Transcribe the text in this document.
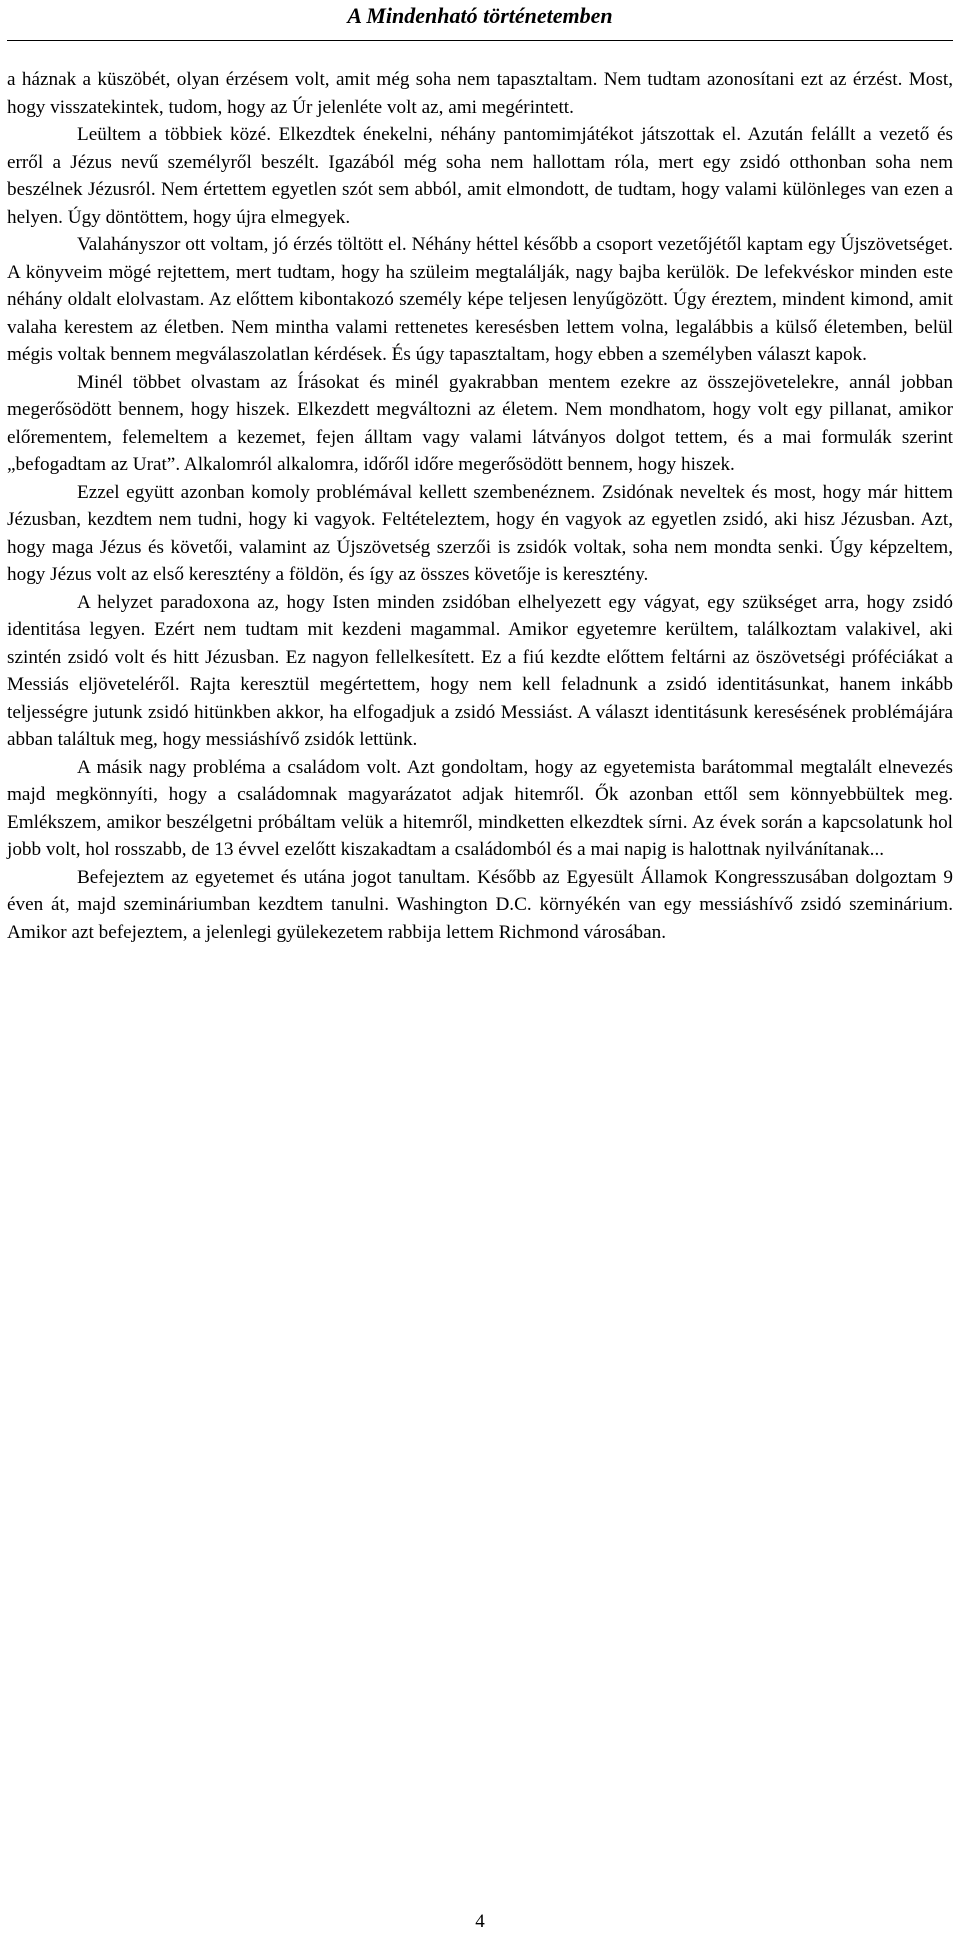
A Mindenható történetemben

a háznak a küszöbét, olyan érzésem volt, amit még soha nem tapasztaltam. Nem tudtam azonosítani ezt az érzést. Most, hogy visszatekintek, tudom, hogy az Úr jelenléte volt az, ami megérintett.

Leültem a többiek közé. Elkezdtek énekelni, néhány pantomimjátékot játszottak el. Azután felállt a vezető és erről a Jézus nevű személyről beszélt. Igazából még soha nem hallottam róla, mert egy zsidó otthonban soha nem beszélnek Jézusról. Nem értettem egyetlen szót sem abból, amit elmondott, de tudtam, hogy valami különleges van ezen a helyen. Úgy döntöttem, hogy újra elmegyek.

Valahányszor ott voltam, jó érzés töltött el. Néhány héttel később a csoport vezetőjétől kaptam egy Újszövetséget. A könyveim mögé rejtettem, mert tudtam, hogy ha szüleim megtalálják, nagy bajba kerülök. De lefekvéskor minden este néhány oldalt elolvastam. Az előttem kibontakozó személy képe teljesen lenyűgözött. Úgy éreztem, mindent kimond, amit valaha kerestem az életben. Nem mintha valami rettenetes keresésben lettem volna, legalábbis a külső életemben, belül mégis voltak bennem megválaszolatlan kérdések. És úgy tapasztaltam, hogy ebben a személyben választ kapok.

Minél többet olvastam az Írásokat és minél gyakrabban mentem ezekre az összejövetelekre, annál jobban megerősödött bennem, hogy hiszek. Elkezdett megváltozni az életem. Nem mondhatom, hogy volt egy pillanat, amikor előrementem, felemeltem a kezemet, fejen álltam vagy valami látványos dolgot tettem, és a mai formulák szerint „befogadtam az Urat”. Alkalomról alkalomra, időről időre megerősödött bennem, hogy hiszek.

Ezzel együtt azonban komoly problémával kellett szembenéznem. Zsidónak neveltek és most, hogy már hittem Jézusban, kezdtem nem tudni, hogy ki vagyok. Feltételeztem, hogy én vagyok az egyetlen zsidó, aki hisz Jézusban. Azt, hogy maga Jézus és követői, valamint az Újszövetség szerzői is zsidók voltak, soha nem mondta senki. Úgy képzeltem, hogy Jézus volt az első keresztény a földön, és így az összes követője is keresztény.

A helyzet paradoxona az, hogy Isten minden zsidóban elhelyezett egy vágyat, egy szükséget arra, hogy zsidó identitása legyen. Ezért nem tudtam mit kezdeni magammal. Amikor egyetemre kerültem, találkoztam valakivel, aki szintén zsidó volt és hitt Jézusban. Ez nagyon fellelkesített. Ez a fiú kezdte előttem feltárni az öszövetségi próféciákat a Messiás eljöveteléről. Rajta keresztül megértettem, hogy nem kell feladnunk a zsidó identitásunkat, hanem inkább teljességre jutunk zsidó hitünkben akkor, ha elfogadjuk a zsidó Messiást. A választ identitásunk keresésének problémájára abban találtuk meg, hogy messiáshívő zsidók lettünk.

A másik nagy probléma a családom volt. Azt gondoltam, hogy az egyetemista barátommal megtalált elnevezés majd megkönnyíti, hogy a családomnak magyarázatot adjak hitemről. Ők azonban ettől sem könnyebbültek meg. Emlékszem, amikor beszélgetni próbáltam velük a hitemről, mindketten elkezdtek sírni. Az évek során a kapcsolatunk hol jobb volt, hol rosszabb, de 13 évvel ezelőtt kiszakadtam a családomból és a mai napig is halottnak nyilvánítanak...

Befejeztem az egyetemet és utána jogot tanultam. Később az Egyesült Államok Kongresszusában dolgoztam 9 éven át, majd szemináriumban kezdtem tanulni. Washington D.C. környékén van egy messiáshívő zsidó szeminárium. Amikor azt befejeztem, a jelenlegi gyülekezetem rabbija lettem Richmond városában.

4
